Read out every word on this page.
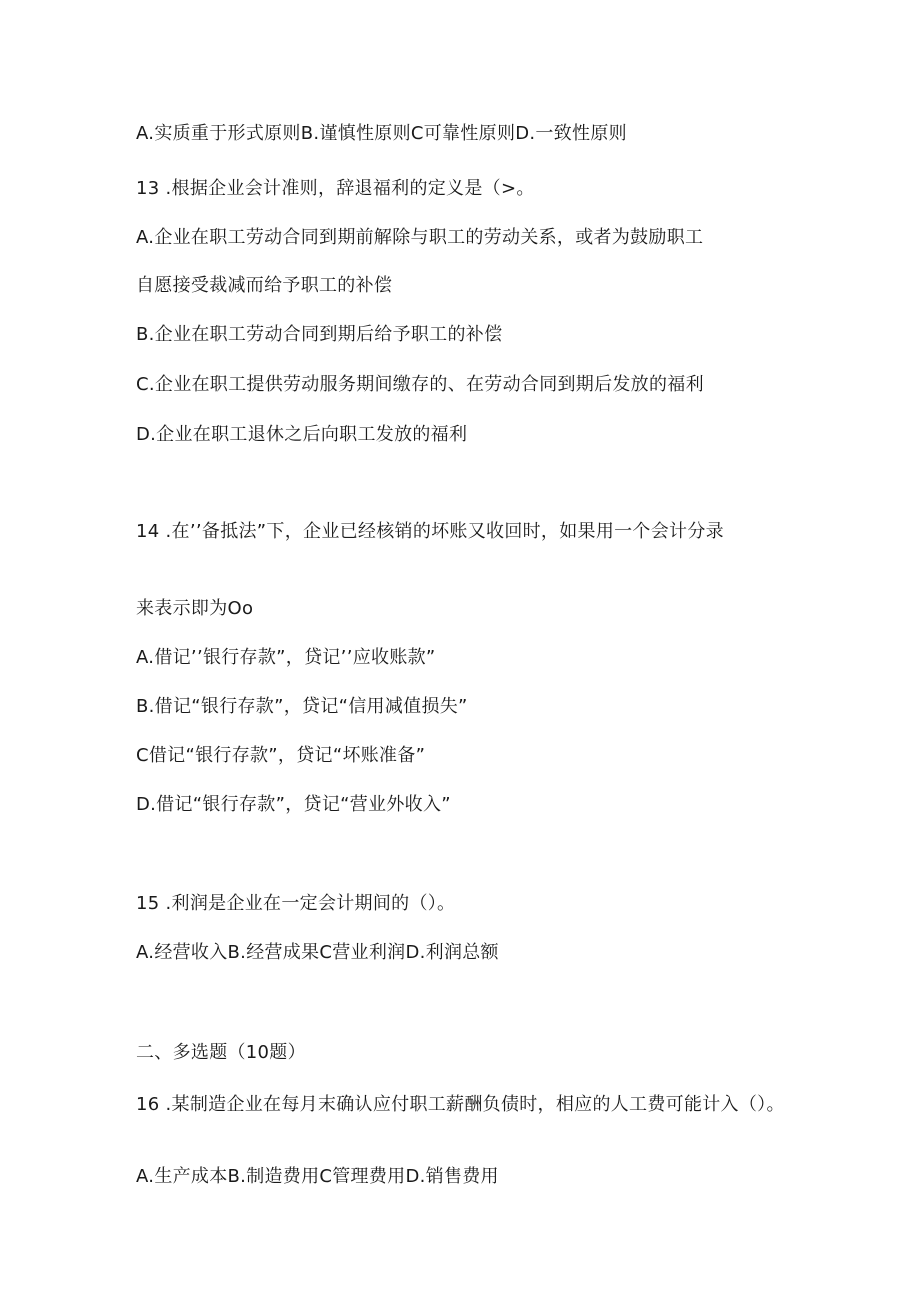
A.实质重于形式原则B.谨慎性原则C可靠性原则D.一致性原则
13 .根据企业会计准则，辞退福利的定义是（>。
A.企业在职工劳动合同到期前解除与职工的劳动关系，或者为鼓励职工
自愿接受裁减而给予职工的补偿
B.企业在职工劳动合同到期后给予职工的补偿
C.企业在职工提供劳动服务期间缴存的、在劳动合同到期后发放的福利
D.企业在职工退休之后向职工发放的福利
14 .在’’备抵法”下，企业已经核销的坏账又收回时，如果用一个会计分录
来表示即为Oo
A.借记’’银行存款”，贷记’’应收账款”
B.借记“银行存款”，贷记“信用减值损失”
C借记“银行存款”，贷记“坏账准备”
D.借记“银行存款”，贷记“营业外收入”
15 .利润是企业在一定会计期间的（）。
A.经营收入B.经营成果C营业利润D.利润总额
二、多选题（10题）
16 .某制造企业在每月末确认应付职工薪酬负债时，相应的人工费可能计入（）。
A.生产成本B.制造费用C管理费用D.销售费用
